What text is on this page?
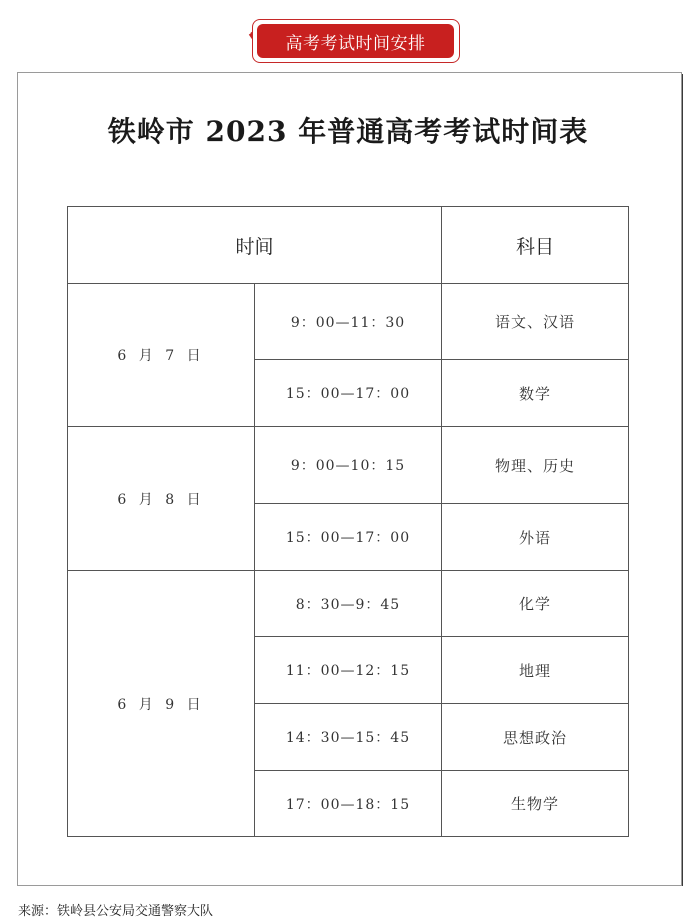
高考考试时间安排
铁岭市 2023 年普通高考考试时间表
时间		科目
6 月 7 日	9：00—11：30	语文、汉语
	15：00—17：00	数学
6 月 8 日	9：00—10：15	物理、历史
	15：00—17：00	外语
6 月 9 日	8：30—9：45	化学
	11：00—12：15	地理
	14：30—15：45	思想政治
	17：00—18：15	生物学
来源：铁岭县公安局交通警察大队
